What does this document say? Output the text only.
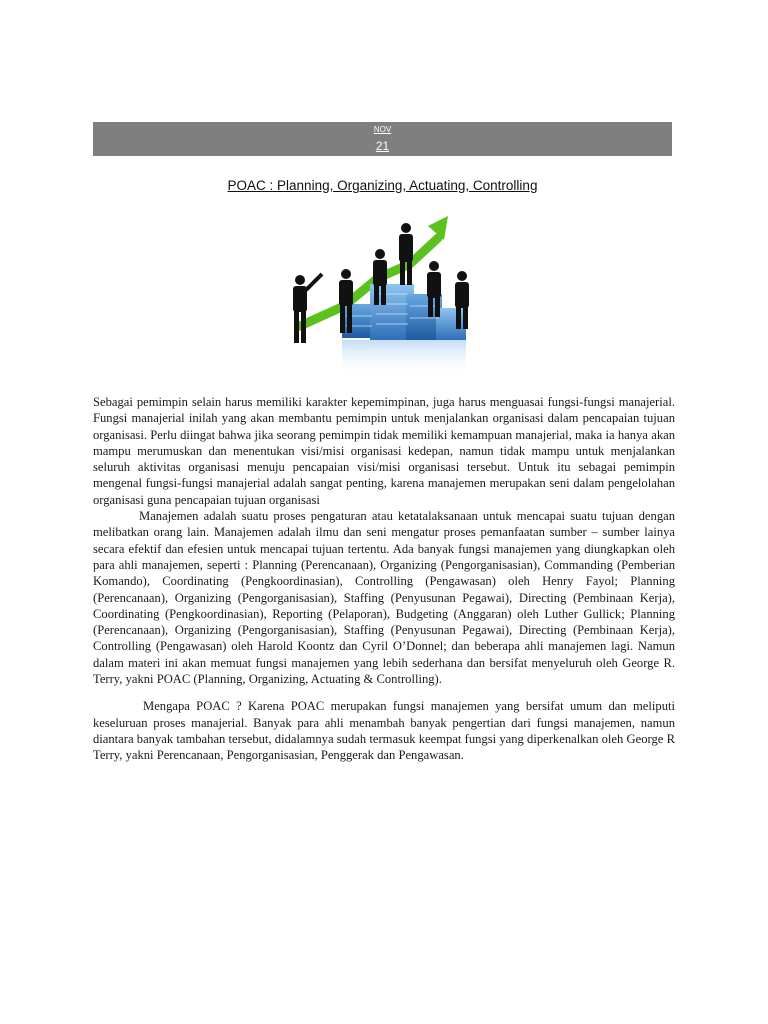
NOV
21
POAC : Planning, Organizing, Actuating, Controlling

Sebagai pemimpin selain harus memiliki karakter kepemimpinan, juga harus menguasai fungsi-fungsi manajerial. Fungsi manajerial inilah yang akan membantu pemimpin untuk menjalankan organisasi dalam pencapaian tujuan organisasi. Perlu diingat bahwa jika seorang pemimpin tidak memiliki kemampuan manajerial, maka ia hanya akan mampu merumuskan dan menentukan visi/misi organisasi kedepan, namun tidak mampu untuk menjalankan seluruh aktivitas organisasi menuju pencapaian visi/misi organisasi tersebut. Untuk itu sebagai pemimpin mengenal fungsi-fungsi manajerial adalah sangat penting, karena manajemen merupakan seni dalam pengelolahan organisasi guna pencapaian tujuan organisasi

Manajemen adalah suatu proses pengaturan atau ketatalaksanaan untuk mencapai suatu tujuan dengan melibatkan orang lain. Manajemen adalah ilmu dan seni mengatur proses pemanfaatan sumber – sumber lainya secara efektif dan efesien untuk mencapai tujuan tertentu. Ada banyak fungsi manajemen yang diungkapkan oleh para ahli manajemen, seperti : Planning (Perencanaan), Organizing (Pengorganisasian), Commanding (Pemberian Komando), Coordinating (Pengkoordinasian), Controlling (Pengawasan) oleh Henry Fayol; Planning (Perencanaan), Organizing (Pengorganisasian), Staffing (Penyusunan Pegawai), Directing (Pembinaan Kerja), Coordinating (Pengkoordinasian), Reporting (Pelaporan), Budgeting (Anggaran) oleh Luther Gullick; Planning (Perencanaan), Organizing (Pengorganisasian), Staffing (Penyusunan Pegawai), Directing (Pembinaan Kerja), Controlling (Pengawasan) oleh Harold Koontz dan Cyril O’Donnel; dan beberapa ahli manajemen lagi. Namun dalam materi ini akan memuat fungsi manajemen yang lebih sederhana dan bersifat menyeluruh oleh George R. Terry, yakni POAC (Planning, Organizing, Actuating & Controlling).

Mengapa POAC ? Karena POAC merupakan fungsi manajemen yang bersifat umum dan meliputi keseluruan proses manajerial. Banyak para ahli menambah banyak pengertian dari fungsi manajemen, namun diantara banyak tambahan tersebut, didalamnya sudah termasuk keempat fungsi yang diperkenalkan oleh George R Terry, yakni Perencanaan, Pengorganisasian, Penggerak dan Pengawasan.
